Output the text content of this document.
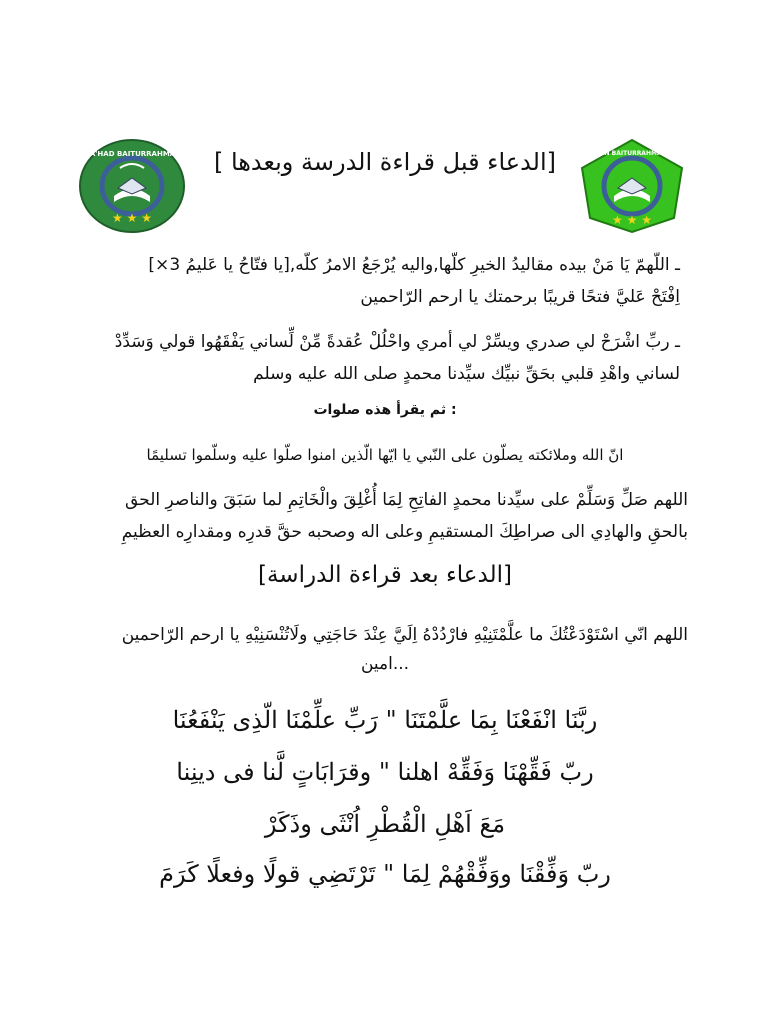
★ ★ ★
MA'HAD BAITURRAHMAN
★ ★ ★
YAYASAN BAITURRAHMAN ALYA
[الدعاء قبل قراءة الدرسة وبعدها ]
ـ اللّهمّ يَا مَنْ بيده مقاليدُ الخيرِ كلّها,واليه يُرْجَعُ الامرُ كلّه,[يا فتّاحُ يا عَليمُ 3×]
اِفْتَحْ عَليَّ فتحًا قريبًا برحمتك يا ارحم الرّاحمين
ـ ربِّ اشْرَحْ لي صدري ويسِّرْ لي أمري واحْلُلْ عُقدةً مِّنْ لِّساني يَفْقَهُوا قولي وَسَدِّدْ
لساني واهْدِ قلبي بحَقِّ نبيِّك سيِّدنا محمدٍ صلى الله عليه وسلم
: ثم يقرأ هذه صلوات
انّ الله وملائكته يصلّون على النّبي يا ايّها الّذين امنوا صلّوا عليه وسلّموا تسليمًا
اللهم صَلِّ وَسَلِّمْ على سيِّدنا محمدٍ الفاتِحِ لِمَا أُغْلِقَ والْخَاتِمِ لما سَبَقَ والناصرِ الحق
بالحقِ والهادِي الى صراطِكَ المستقيمِ وعلى اله وصحبه حقَّ قدرِه ومقدارِه العظيمِ
[الدعاء بعد قراءة الدراسة]
اللهم انّي اسْتَوْدَعْتُكَ ما علَّمْتَنِيْهِ فارْدُدْهُ اِلَيَّ عِنْدَ حَاجَتِي ولَاتُنْسَنِيْهِ يا ارحم الرّاحمين
امين...
ربَّنَا انْفَعْنَا بِمَا علَّمْتَنَا " رَبِّ علِّمْنَا الّذِى يَنْفَعُنَا
ربّ فَقِّهْنَا وَفَقِّهْ اهلنا " وقرَابَاتٍ لَّنا فى دينِنا
مَعَ اَهْلِ الْقُطْرِ اُنْثَى وذَكَرْ
ربّ وَفِّقْنَا ووَفِّقْهُمْ لِمَا " تَرْتَضِي قولًا وفعلًا كَرَمَ
